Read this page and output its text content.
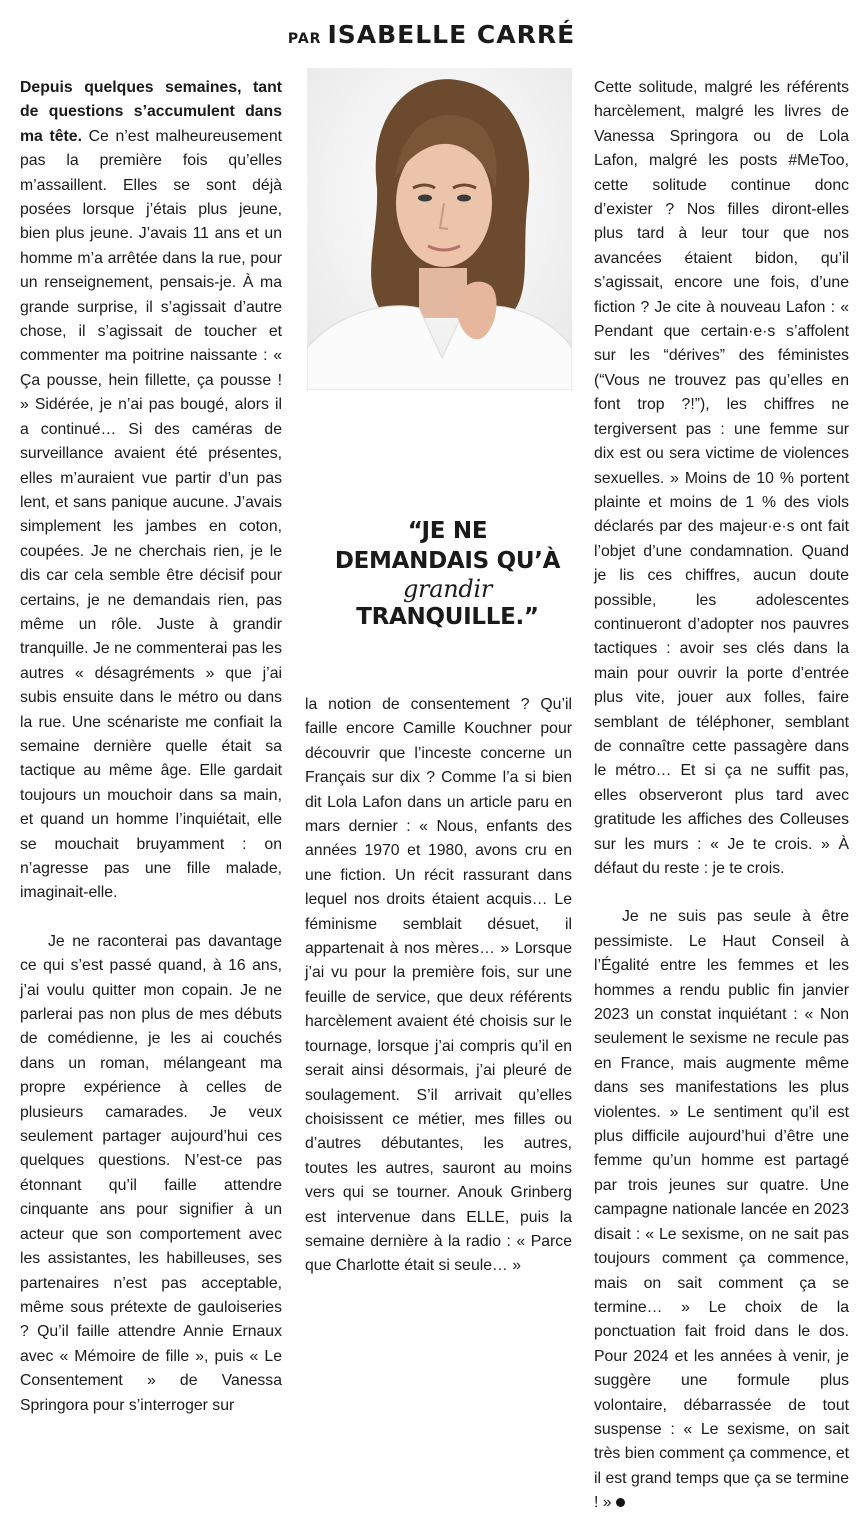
PAR ISABELLE CARRÉ

Depuis quelques semaines, tant de questions s’accumulent dans ma tête. Ce n’est malheureusement pas la première fois qu’elles m’assaillent. Elles se sont déjà posées lorsque j’étais plus jeune, bien plus jeune. J’avais 11 ans et un homme m’a arrêtée dans la rue, pour un renseignement, pensais-je. À ma grande surprise, il s’agissait d’autre chose, il s’agissait de toucher et commenter ma poitrine naissante : « Ça pousse, hein fillette, ça pousse ! » Sidérée, je n’ai pas bougé, alors il a continué… Si des caméras de surveillance avaient été présentes, elles m’auraient vue partir d’un pas lent, et sans panique aucune. J’avais simplement les jambes en coton, coupées. Je ne cherchais rien, je le dis car cela semble être décisif pour certains, je ne demandais rien, pas même un rôle. Juste à grandir tranquille. Je ne commenterai pas les autres « désagréments » que j’ai subis ensuite dans le métro ou dans la rue. Une scénariste me confiait la semaine dernière quelle était sa tactique au même âge. Elle gardait toujours un mouchoir dans sa main, et quand un homme l’inquiétait, elle se mouchait bruyamment : on n’agresse pas une fille malade, imaginait-elle.

Je ne raconterai pas davantage ce qui s’est passé quand, à 16 ans, j’ai voulu quitter mon copain. Je ne parlerai pas non plus de mes débuts de comédienne, je les ai couchés dans un roman, mélangeant ma propre expérience à celles de plusieurs camarades. Je veux seulement partager aujourd’hui ces quelques questions. N’est-ce pas étonnant qu’il faille attendre cinquante ans pour signifier à un acteur que son comportement avec les assistantes, les habilleuses, ses partenaires n’est pas acceptable, même sous prétexte de gauloiseries ? Qu’il faille attendre Annie Ernaux avec « Mémoire de fille », puis « Le Consentement » de Vanessa Springora pour s’interroger sur

“JE NE
DEMANDAIS QU’À
grandir
TRANQUILLE.”

la notion de consentement ? Qu’il faille encore Camille Kouchner pour découvrir que l’inceste concerne un Français sur dix ? Comme l’a si bien dit Lola Lafon dans un article paru en mars dernier : « Nous, enfants des années 1970 et 1980, avons cru en une fiction. Un récit rassurant dans lequel nos droits étaient acquis… Le féminisme semblait désuet, il appartenait à nos mères… » Lorsque j’ai vu pour la première fois, sur une feuille de service, que deux référents harcèlement avaient été choisis sur le tournage, lorsque j’ai compris qu’il en serait ainsi désormais, j’ai pleuré de soulagement. S’il arrivait qu’elles choisissent ce métier, mes filles ou d’autres débutantes, les autres, toutes les autres, sauront au moins vers qui se tourner. Anouk Grinberg est intervenue dans ELLE, puis la semaine dernière à la radio : « Parce que Charlotte était si seule… »

Cette solitude, malgré les référents harcèlement, malgré les livres de Vanessa Springora ou de Lola Lafon, malgré les posts #MeToo, cette solitude continue donc d’exister ? Nos filles diront-elles plus tard à leur tour que nos avancées étaient bidon, qu’il s’agissait, encore une fois, d’une fiction ? Je cite à nouveau Lafon : « Pendant que certain·e·s s’affolent sur les “dérives” des féministes (“Vous ne trouvez pas qu’elles en font trop ?!”), les chiffres ne tergiversent pas : une femme sur dix est ou sera victime de violences sexuelles. » Moins de 10 % portent plainte et moins de 1 % des viols déclarés par des majeur·e·s ont fait l’objet d’une condamnation. Quand je lis ces chiffres, aucun doute possible, les adolescentes continueront d’adopter nos pauvres tactiques : avoir ses clés dans la main pour ouvrir la porte d’entrée plus vite, jouer aux folles, faire semblant de téléphoner, semblant de connaître cette passagère dans le métro… Et si ça ne suffit pas, elles observeront plus tard avec gratitude les affiches des Colleuses sur les murs : « Je te crois. » À défaut du reste : je te crois.

Je ne suis pas seule à être pessimiste. Le Haut Conseil à l’Égalité entre les femmes et les hommes a rendu public fin janvier 2023 un constat inquiétant : « Non seulement le sexisme ne recule pas en France, mais augmente même dans ses manifestations les plus violentes. » Le sentiment qu’il est plus difficile aujourd’hui d’être une femme qu’un homme est partagé par trois jeunes sur quatre. Une campagne nationale lancée en 2023 disait : « Le sexisme, on ne sait pas toujours comment ça commence, mais on sait comment ça se termine… » Le choix de la ponctuation fait froid dans le dos. Pour 2024 et les années à venir, je suggère une formule plus volontaire, débarrassée de tout suspense : « Le sexisme, on sait très bien comment ça commence, et il est grand temps que ça se termine ! »
